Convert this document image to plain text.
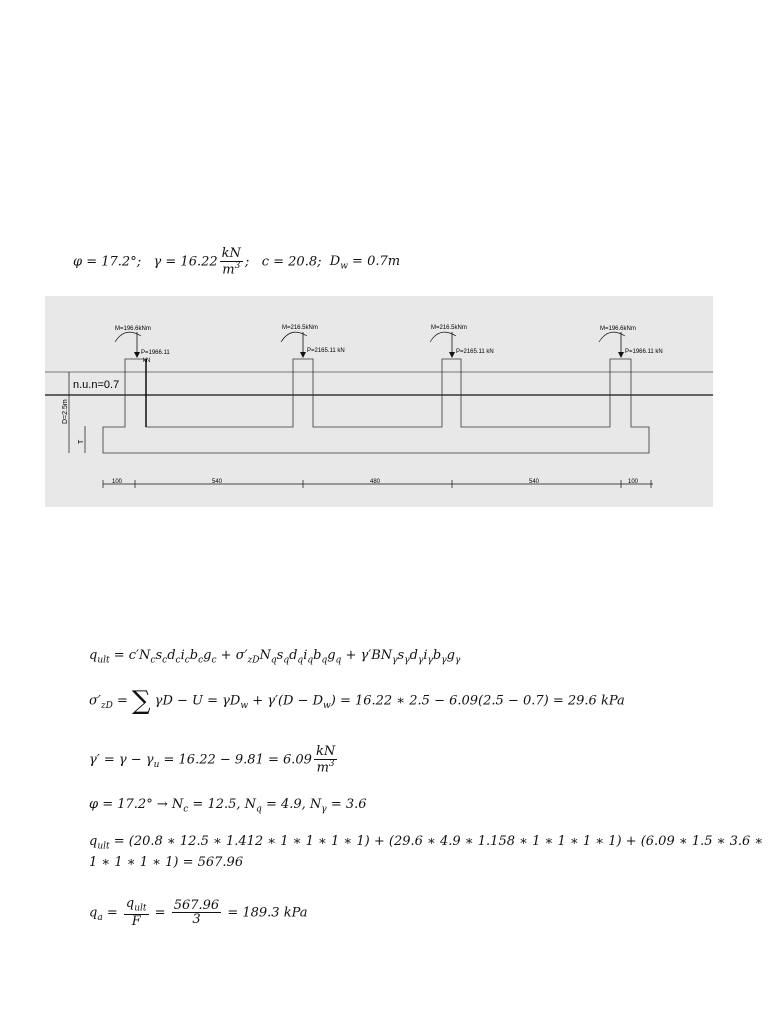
φ = 17.2°; $\gamma = 16.22 \frac{kN}{m^3}$ ; c = 20.8; $D_w = 0.7m$
D=2.5m
T
n.u.n=0.7
M=196.6kNm
P=1966.11
kN
M=216.5kNm
P=2165.11 kN
M=216.5kNm
P=2165.11 kN
M=196.6kNm
P=1966.11 kN
100	540	480	540	100
$q_{ult} = c'N_cs_cd_ci_cb_cg_c + \sigma'_{zD}N_qs_qd_qi_qb_qg_q + \gamma'BN_\gamma s_\gamma d_\gamma i_\gamma b_\gamma g_\gamma$
$\sigma'_{zD}$ = ∑ $\gamma D - U = \gamma D_w + \gamma'(D - D_w) = 16.22$ ∗ 2.5 − 6.09(2.5 − 0.7) = 29.6 kPa
$\gamma' = \gamma - \gamma_u = 16.22 - 9.81 = 6.09 \frac{kN}{m^3}$
$\varphi = 17.2^\circ \to N_c = 12.5$, $N_q = 4.9$, $N_\gamma = 3.6$
$q_{ult} = (20.8$ ∗ 12.5 ∗ 1.412 ∗ 1 ∗ 1 ∗ 1 ∗ 1) + (29.6 ∗ 4.9 ∗ 1.158 ∗ 1 ∗ 1 ∗ 1 ∗ 1) + (6.09 ∗ 1.5 ∗ 3.6 ∗
1 ∗ 1 ∗ 1 ∗ 1) = 567.96
$q_a = \frac{q_{ult}}{F} = \frac{567.96}{3} = 189.3$ kPa
